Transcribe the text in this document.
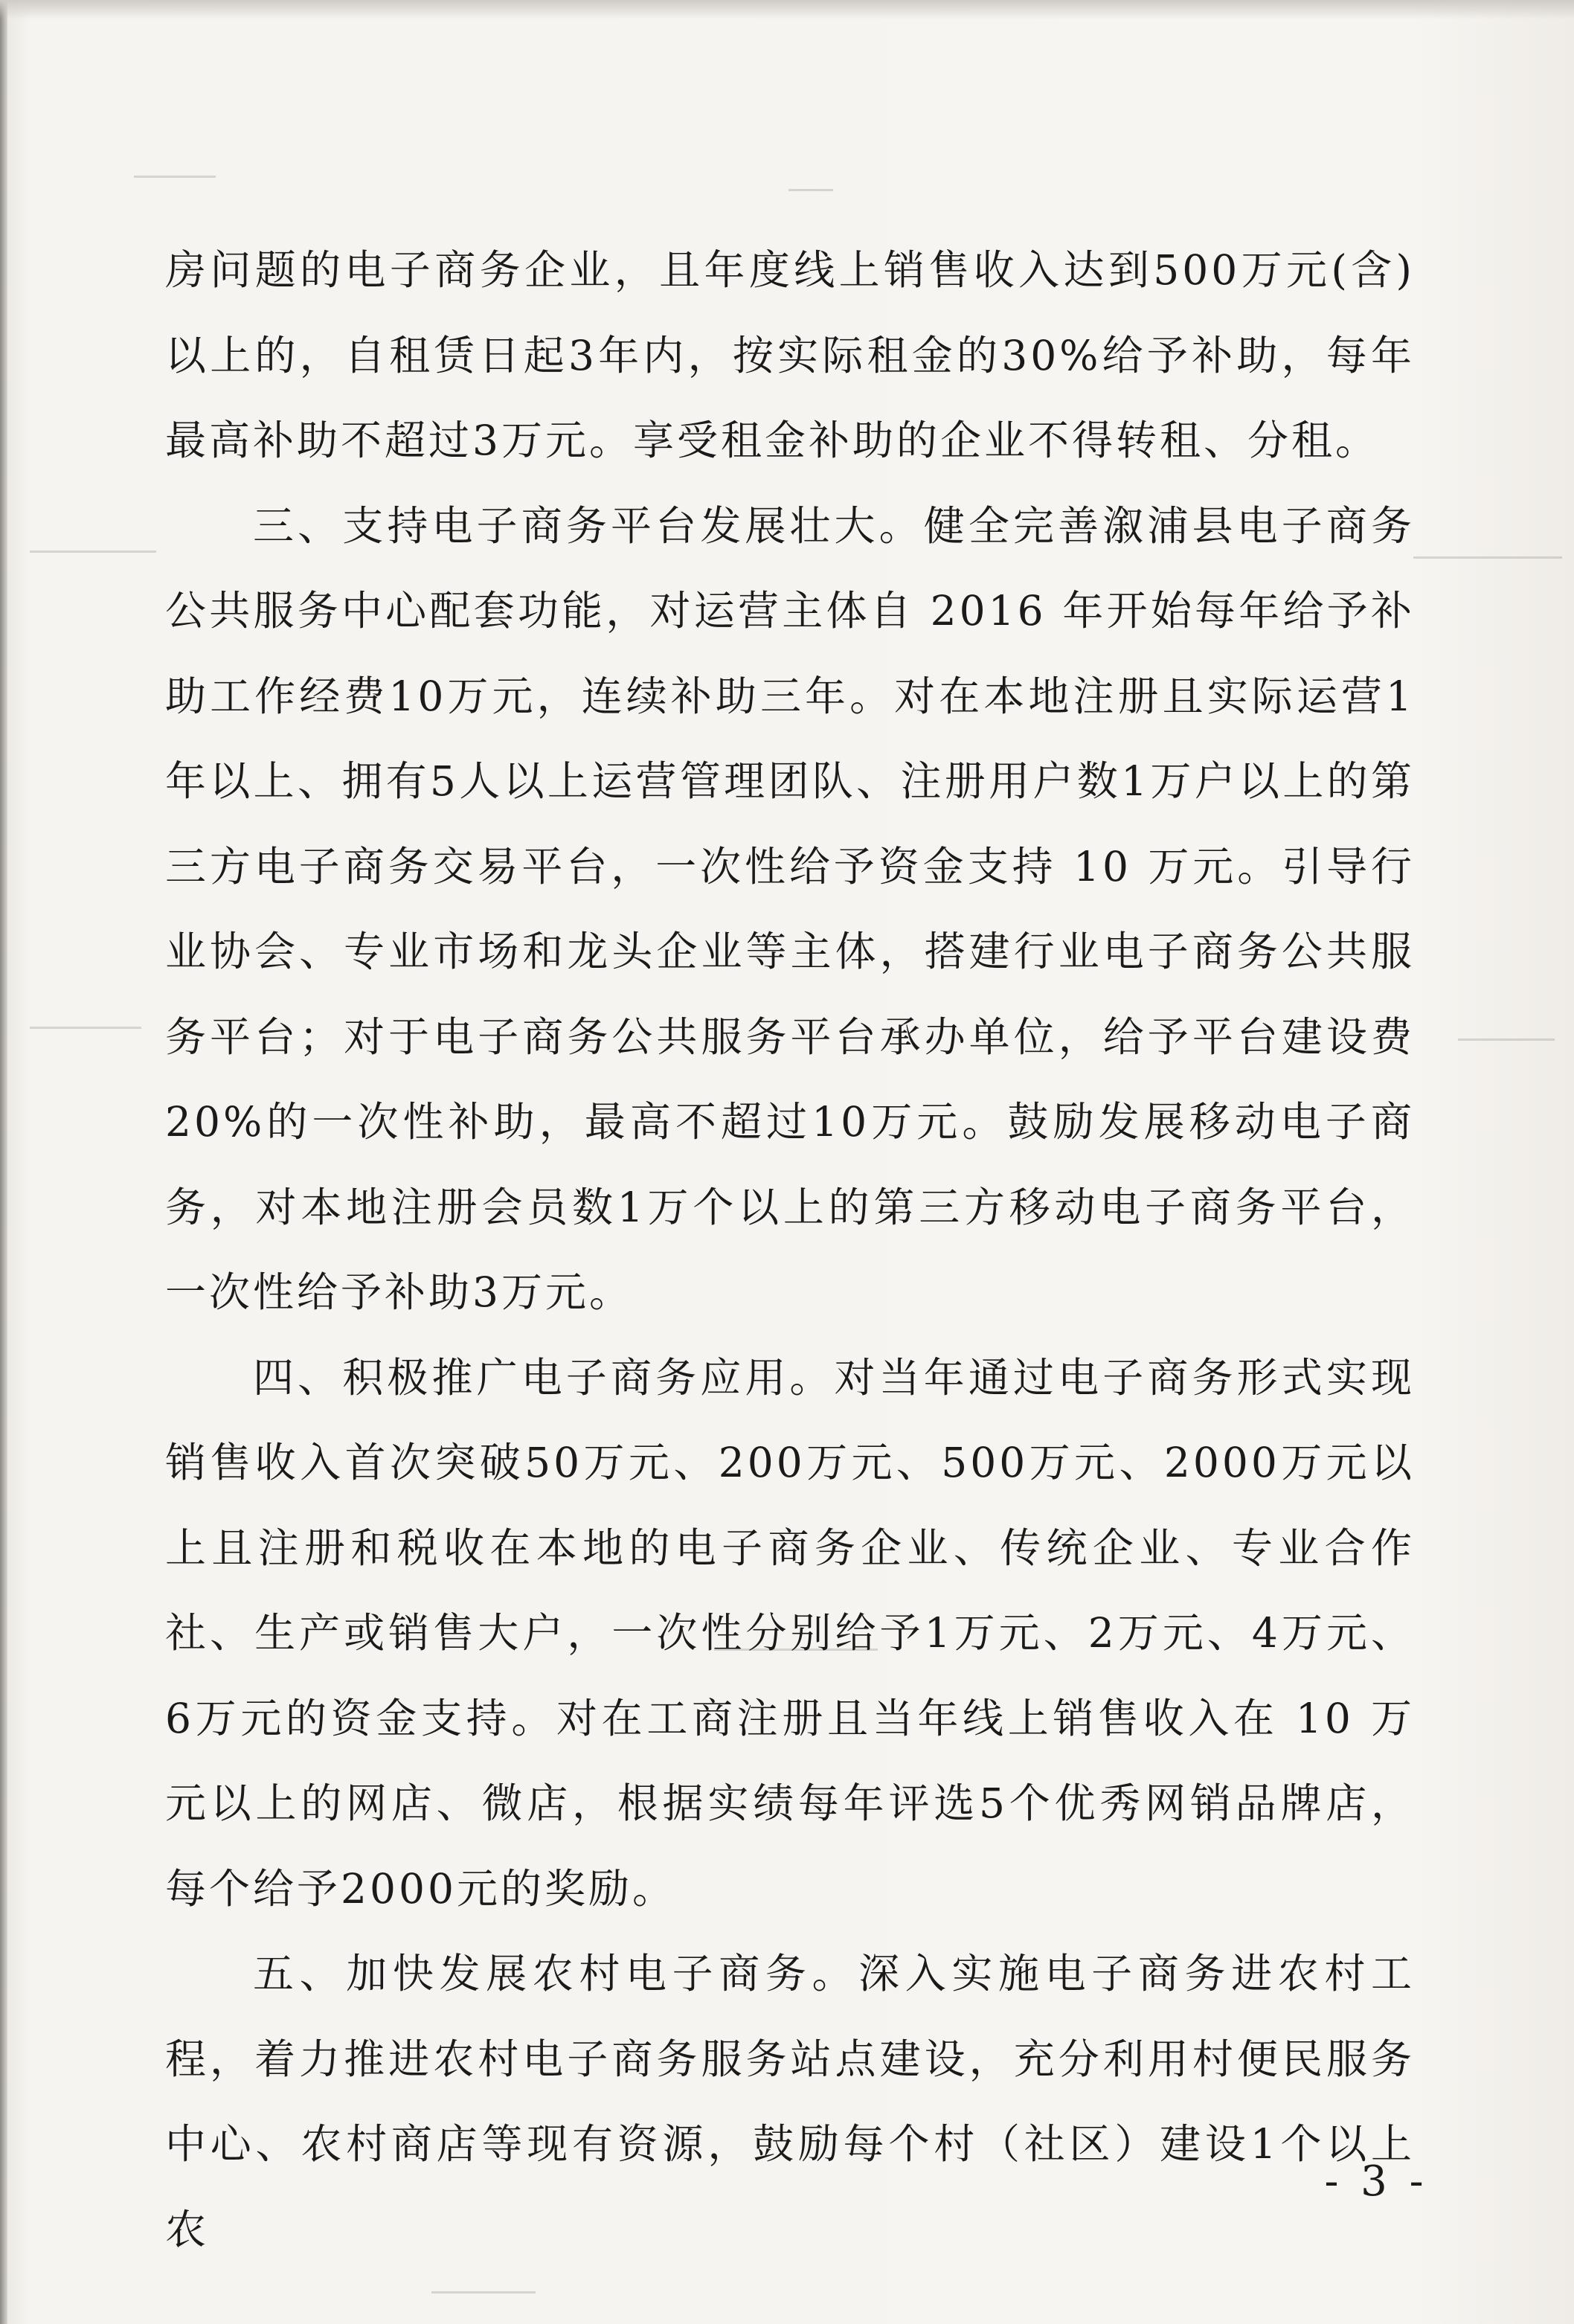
房问题的电子商务企业，且年度线上销售收入达到500万元(含)以上的，自租赁日起3年内，按实际租金的30%给予补助，每年最高补助不超过3万元。享受租金补助的企业不得转租、分租。

三、支持电子商务平台发展壮大。健全完善溆浦县电子商务公共服务中心配套功能，对运营主体自 2016 年开始每年给予补助工作经费10万元，连续补助三年。对在本地注册且实际运营1年以上、拥有5人以上运营管理团队、注册用户数1万户以上的第三方电子商务交易平台，一次性给予资金支持 10 万元。引导行业协会、专业市场和龙头企业等主体，搭建行业电子商务公共服务平台；对于电子商务公共服务平台承办单位，给予平台建设费20%的一次性补助，最高不超过10万元。鼓励发展移动电子商务，对本地注册会员数1万个以上的第三方移动电子商务平台，一次性给予补助3万元。

四、积极推广电子商务应用。对当年通过电子商务形式实现销售收入首次突破50万元、200万元、500万元、2000万元以上且注册和税收在本地的电子商务企业、传统企业、专业合作社、生产或销售大户，一次性分别给予1万元、2万元、4万元、6万元的资金支持。对在工商注册且当年线上销售收入在 10 万元以上的网店、微店，根据实绩每年评选5个优秀网销品牌店，每个给予2000元的奖励。

五、加快发展农村电子商务。深入实施电子商务进农村工程，着力推进农村电子商务服务站点建设，充分利用村便民服务中心、农村商店等现有资源，鼓励每个村（社区）建设1个以上农

- 3 -
